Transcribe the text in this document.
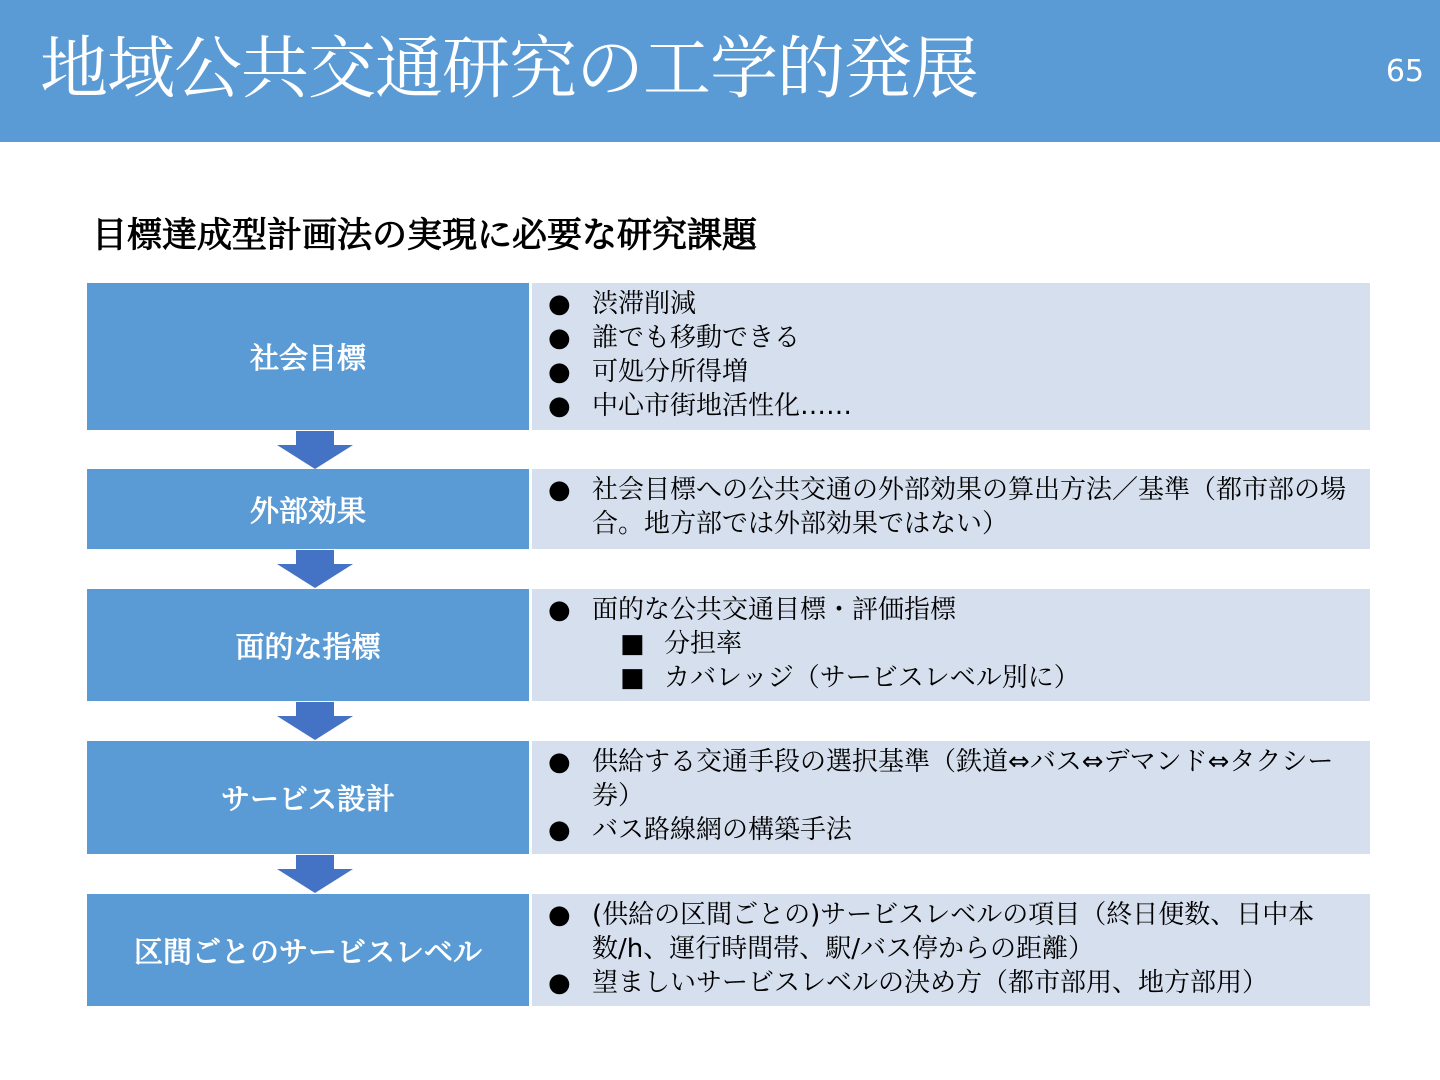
地域公共交通研究の工学的発展	65
目標達成型計画法の実現に必要な研究課題
社会目標
● 渋滞削減
● 誰でも移動できる
● 可処分所得増
● 中心市街地活性化……
外部効果
● 社会目標への公共交通の外部効果の算出方法／基準（都市部の場合。地方部では外部効果ではない）
面的な指標
● 面的な公共交通目標・評価指標
■ 分担率
■ カバレッジ（サービスレベル別に）
サービス設計
● 供給する交通手段の選択基準（鉄道⇔バス⇔デマンド⇔タクシー券）
● バス路線網の構築手法
区間ごとのサービスレベル
● (供給の区間ごとの)サービスレベルの項目（終日便数、日中本数/h、運行時間帯、駅/バス停からの距離）
● 望ましいサービスレベルの決め方（都市部用、地方部用）
